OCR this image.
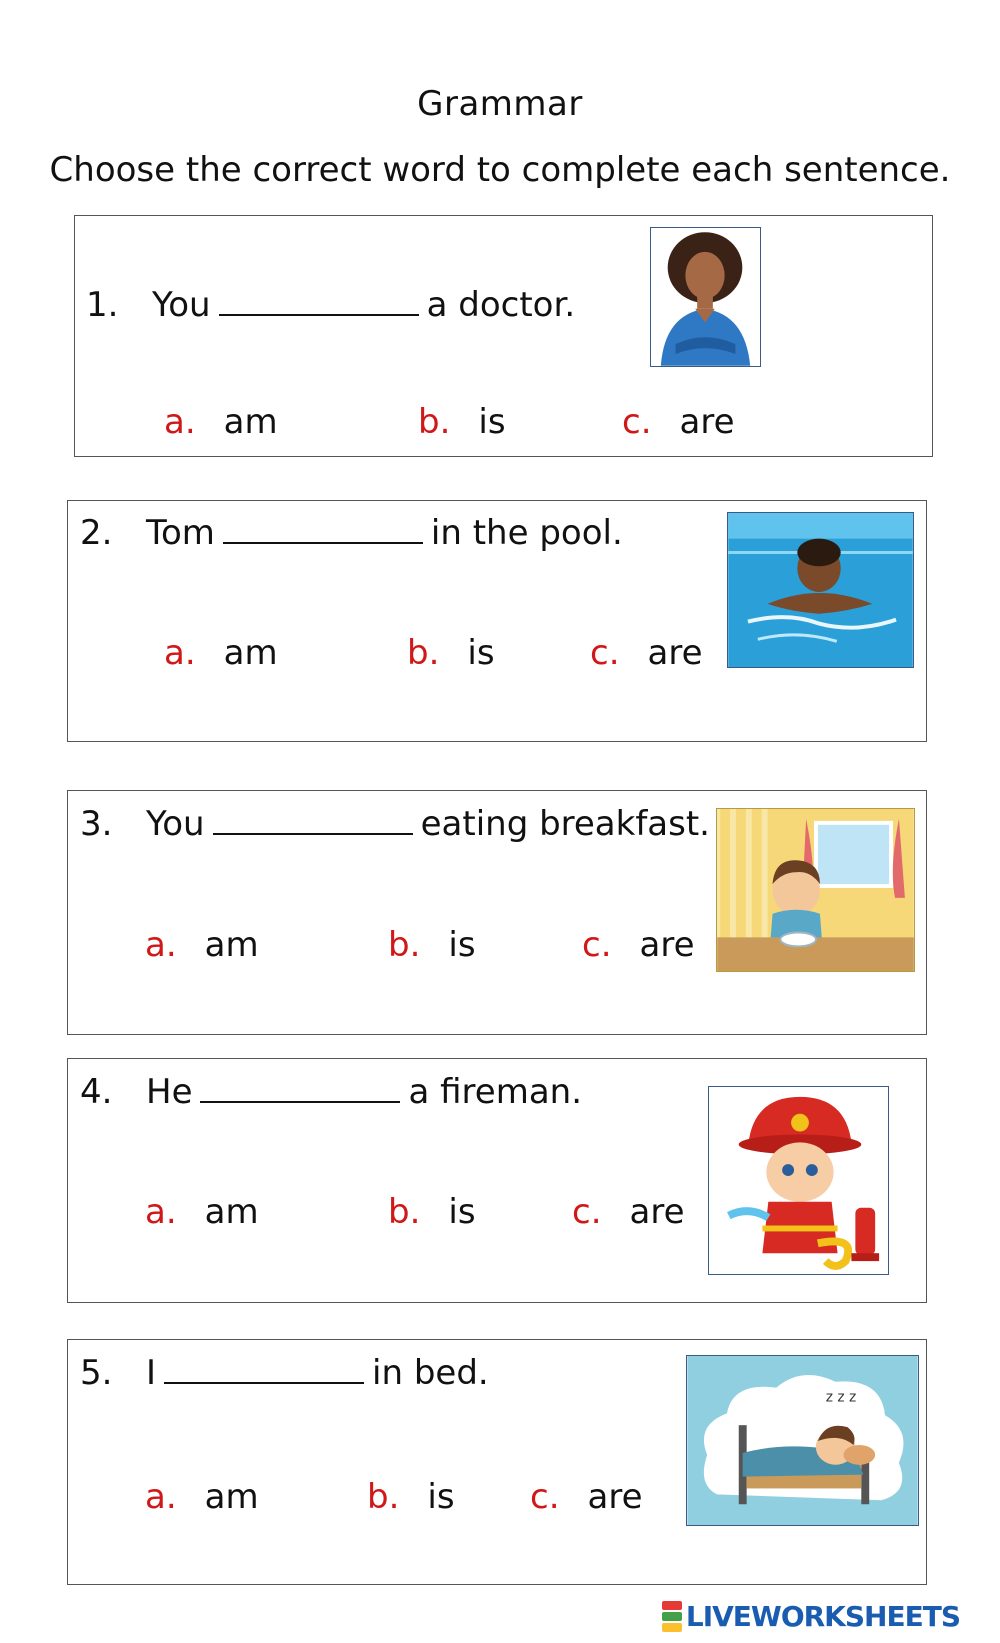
Grammar
Choose the correct word to complete each sentence.
1. You	a doctor.
a. am	b. is	c. are
2. Tom	in the pool.
a. am	b. is	c. are
3. You	eating breakfast.
a. am	b. is	c. are
4. He	a fireman.
a. am	b. is	c. are
5. I	in bed.
a. am	b. is c. are
z z z
LIVEWORKSHEETS
